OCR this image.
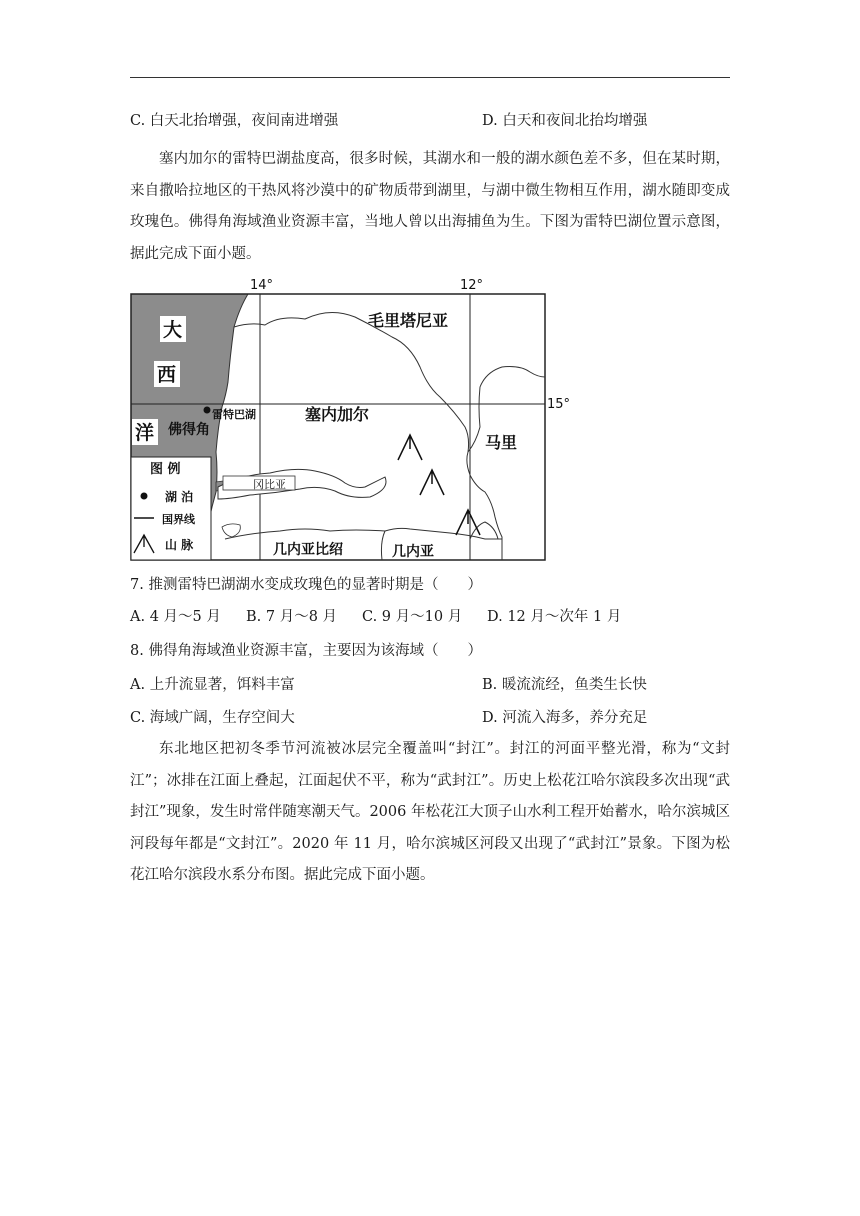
C. 白天北抬增强，夜间南进增强	D. 白天和夜间北抬均增强

塞内加尔的雷特巴湖盐度高，很多时候，其湖水和一般的湖水颜色差不多，但在某时期，来自撒哈拉地区的干热风将沙漠中的矿物质带到湖里，与湖中微生物相互作用，湖水随即变成玫瑰色。佛得角海域渔业资源丰富，当地人曾以出海捕鱼为生。下图为雷特巴湖位置示意图，据此完成下面小题。

冈比亚
图 例
湖 泊
国界线
山 脉
14°	12°
15°
大
西
洋 佛得角
雷特巴湖
毛里塔尼亚
塞内加尔
马里
几内亚比绍	几内亚
7. 推测雷特巴湖湖水变成玫瑰色的显著时期是（　　）
A. 4 月～5 月 B. 7 月～8 月 C. 9 月～10 月 D. 12 月～次年 1 月
8. 佛得角海域渔业资源丰富，主要因为该海域（　　）
A. 上升流显著，饵料丰富	B. 暖流流经，鱼类生长快
C. 海域广阔，生存空间大	D. 河流入海多，养分充足

东北地区把初冬季节河流被冰层完全覆盖叫“封江”。封江的河面平整光滑，称为“文封江”；冰排在江面上叠起，江面起伏不平，称为“武封江”。历史上松花江哈尔滨段多次出现“武封江”现象，发生时常伴随寒潮天气。2006 年松花江大顶子山水利工程开始蓄水，哈尔滨城区河段每年都是“文封江”。2020 年 11 月，哈尔滨城区河段又出现了“武封江”景象。下图为松花江哈尔滨段水系分布图。据此完成下面小题。
